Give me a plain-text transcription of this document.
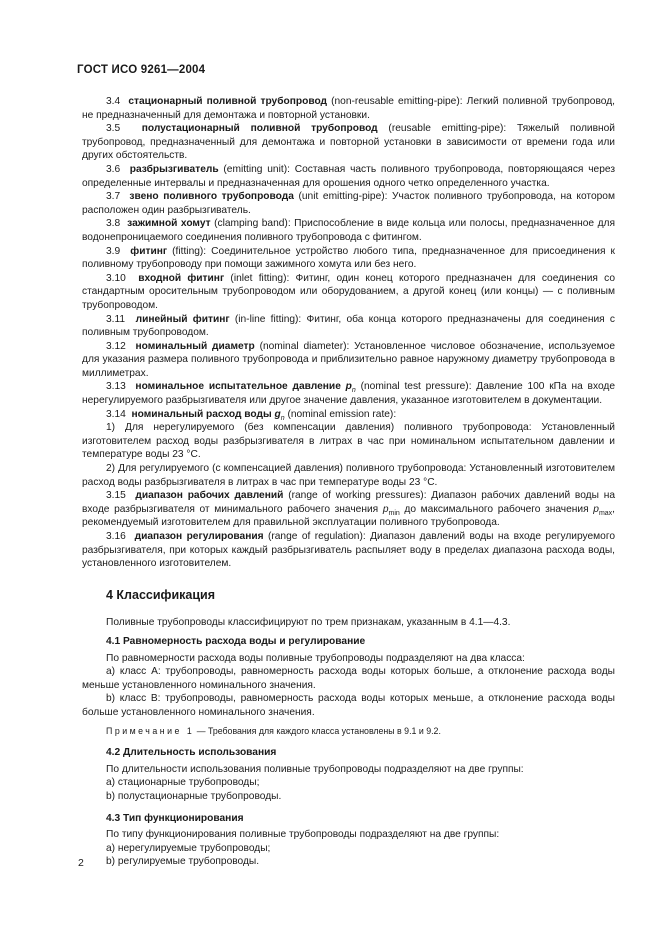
ГОСТ ИСО 9261—2004

3.4 стационарный поливной трубопровод (non-reusable emitting-pipe): Легкий поливной трубопровод, не предназначенный для демонтажа и повторной установки.

3.5 полустационарный поливной трубопровод (reusable emitting-pipe): Тяжелый поливной трубопровод, предназначенный для демонтажа и повторной установки в зависимости от времени года или других обстоятельств.

3.6 разбрызгиватель (emitting unit): Составная часть поливного трубопровода, повторяющаяся через определенные интервалы и предназначенная для орошения одного четко определенного участка.

3.7 звено поливного трубопровода (unit emitting-pipe): Участок поливного трубопровода, на котором расположен один разбрызгиватель.

3.8 зажимной хомут (clamping band): Приспособление в виде кольца или полосы, предназначенное для водонепроницаемого соединения поливного трубопровода с фитингом.

3.9 фитинг (fitting): Соединительное устройство любого типа, предназначенное для присоединения к поливному трубопроводу при помощи зажимного хомута или без него.

3.10 входной фитинг (inlet fitting): Фитинг, один конец которого предназначен для соединения со стандартным оросительным трубопроводом или оборудованием, а другой конец (или концы) — с поливным трубопроводом.

3.11 линейный фитинг (in-line fitting): Фитинг, оба конца которого предназначены для соединения с поливным трубопроводом.

3.12 номинальный диаметр (nominal diameter): Установленное числовое обозначение, используемое для указания размера поливного трубопровода и приблизительно равное наружному диаметру трубопровода в миллиметрах.

3.13 номинальное испытательное давление $p_n$ (nominal test pressure): Давление 100 кПа на входе нерегулируемого разбрызгивателя или другое значение давления, указанное изготовителем в документации.

3.14 номинальный расход воды $g_n$ (nominal emission rate):

1) Для нерегулируемого (без компенсации давления) поливного трубопровода: Установленный изготовителем расход воды разбрызгивателя в литрах в час при номинальном испытательном давлении и температуре воды 23 °С.

2) Для регулируемого (с компенсацией давления) поливного трубопровода: Установленный изготовителем расход воды разбрызгивателя в литрах в час при температуре воды 23 °С.

3.15 диапазон рабочих давлений (range of working pressures): Диапазон рабочих давлений воды на входе разбрызгивателя от минимального рабочего значения $p_{min}$ до максимального рабочего значения $p_{max}$, рекомендуемый изготовителем для правильной эксплуатации поливного трубопровода.

3.16 диапазон регулирования (range of regulation): Диапазон давлений воды на входе регулируемого разбрызгивателя, при которых каждый разбрызгиватель распыляет воду в пределах диапазона расхода воды, установленного изготовителем.

4 Классификация

Поливные трубопроводы классифицируют по трем признакам, указанным в 4.1—4.3.

4.1 Равномерность расхода воды и регулирование

По равномерности расхода воды поливные трубопроводы подразделяют на два класса:

а) класс А: трубопроводы, равномерность расхода воды которых больше, а отклонение расхода воды меньше установленного номинального значения.

b) класс В: трубопроводы, равномерность расхода воды которых меньше, а отклонение расхода воды больше установленного номинального значения.

Примечание 1 — Требования для каждого класса установлены в 9.1 и 9.2.

4.2 Длительность использования

По длительности использования поливные трубопроводы подразделяют на две группы:

а) стационарные трубопроводы;

b) полустационарные трубопроводы.

4.3 Тип функционирования

По типу функционирования поливные трубопроводы подразделяют на две группы:

а) нерегулируемые трубопроводы;

b) регулируемые трубопроводы.

2
